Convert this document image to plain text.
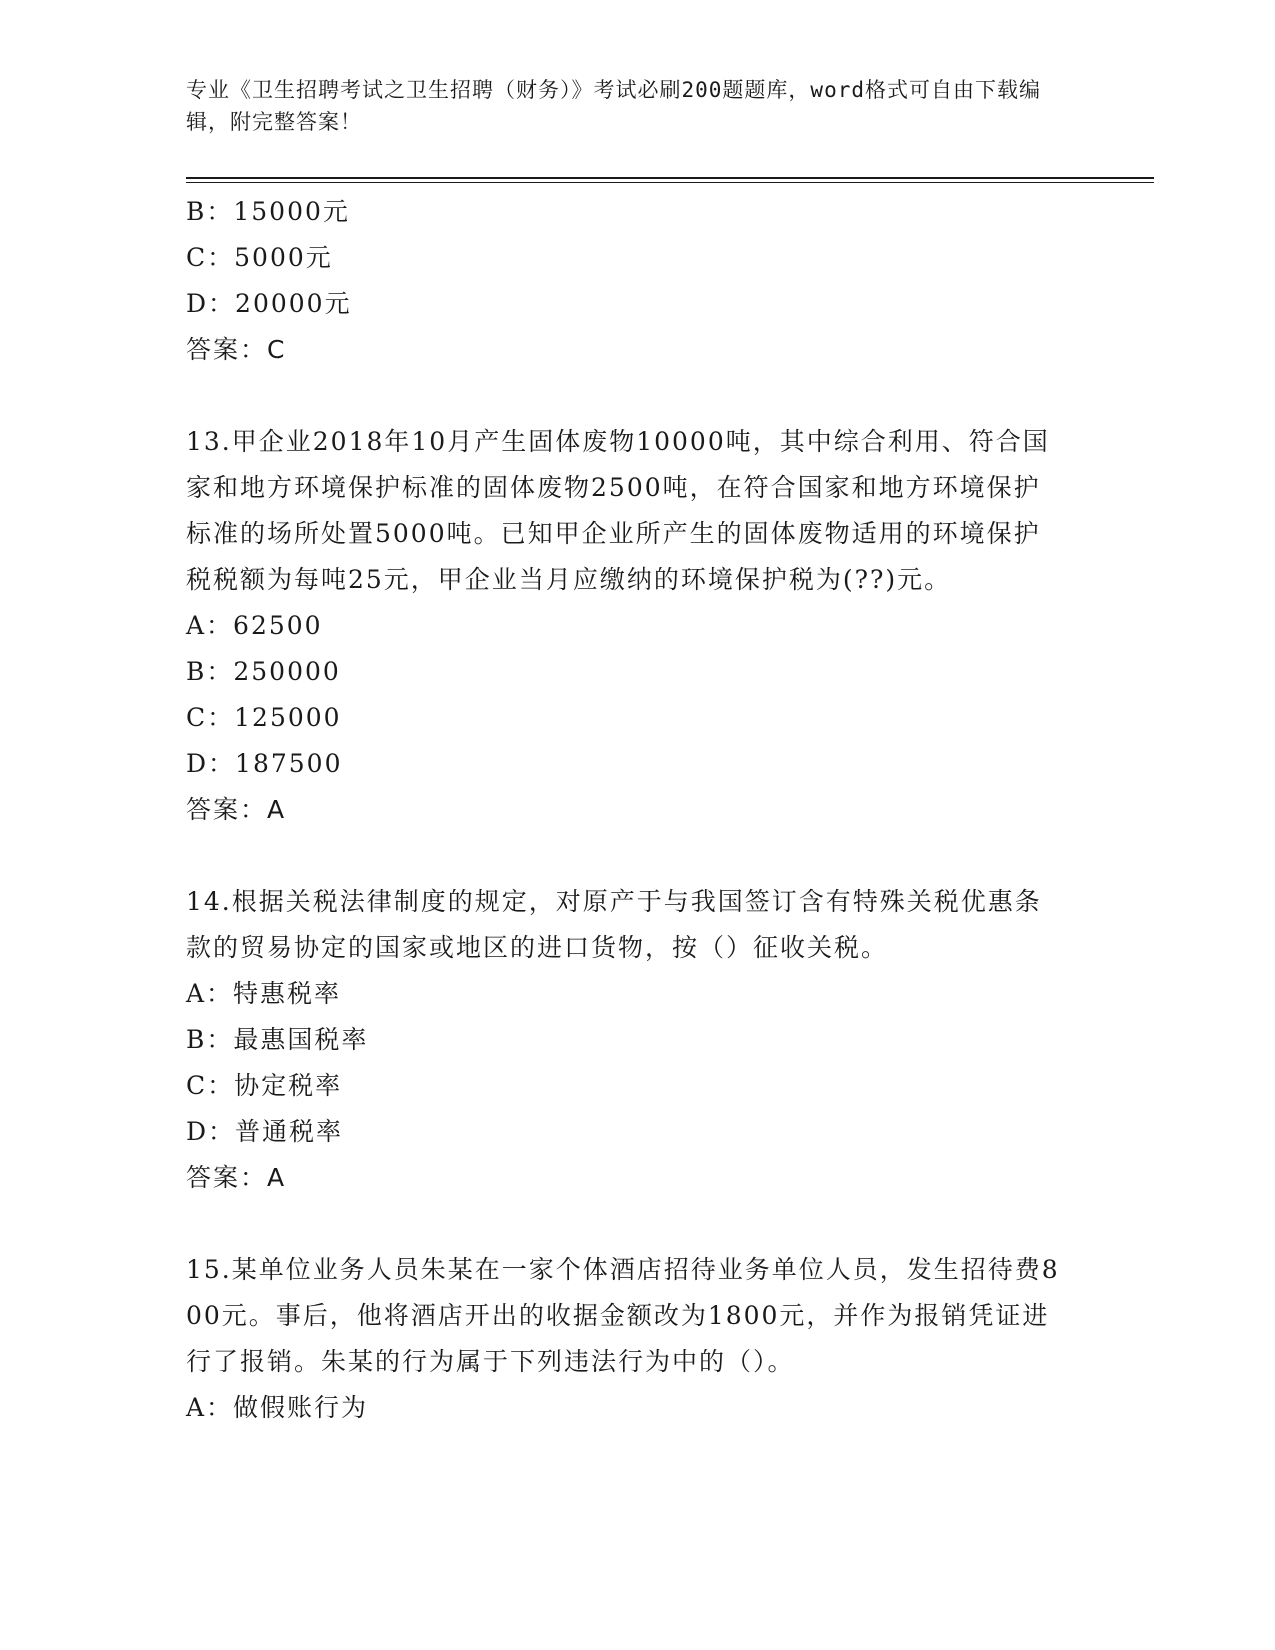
专业《卫生招聘考试之卫生招聘（财务）》考试必刷200题题库，word格式可自由下载编辑，附完整答案！
B：15000元
C：5000元
D：20000元
答案：C
13.甲企业2018年10月产生固体废物10000吨，其中综合利用、符合国家和地方环境保护标准的固体废物2500吨，在符合国家和地方环境保护标准的场所处置5000吨。已知甲企业所产生的固体废物适用的环境保护税税额为每吨25元，甲企业当月应缴纳的环境保护税为(??)元。
A：62500
B：250000
C：125000
D：187500
答案：A
14.根据关税法律制度的规定，对原产于与我国签订含有特殊关税优惠条款的贸易协定的国家或地区的进口货物，按（）征收关税。
A：特惠税率
B：最惠国税率
C：协定税率
D：普通税率
答案：A
15.某单位业务人员朱某在一家个体酒店招待业务单位人员，发生招待费800元。事后，他将酒店开出的收据金额改为1800元，并作为报销凭证进行了报销。朱某的行为属于下列违法行为中的（）。
A：做假账行为
